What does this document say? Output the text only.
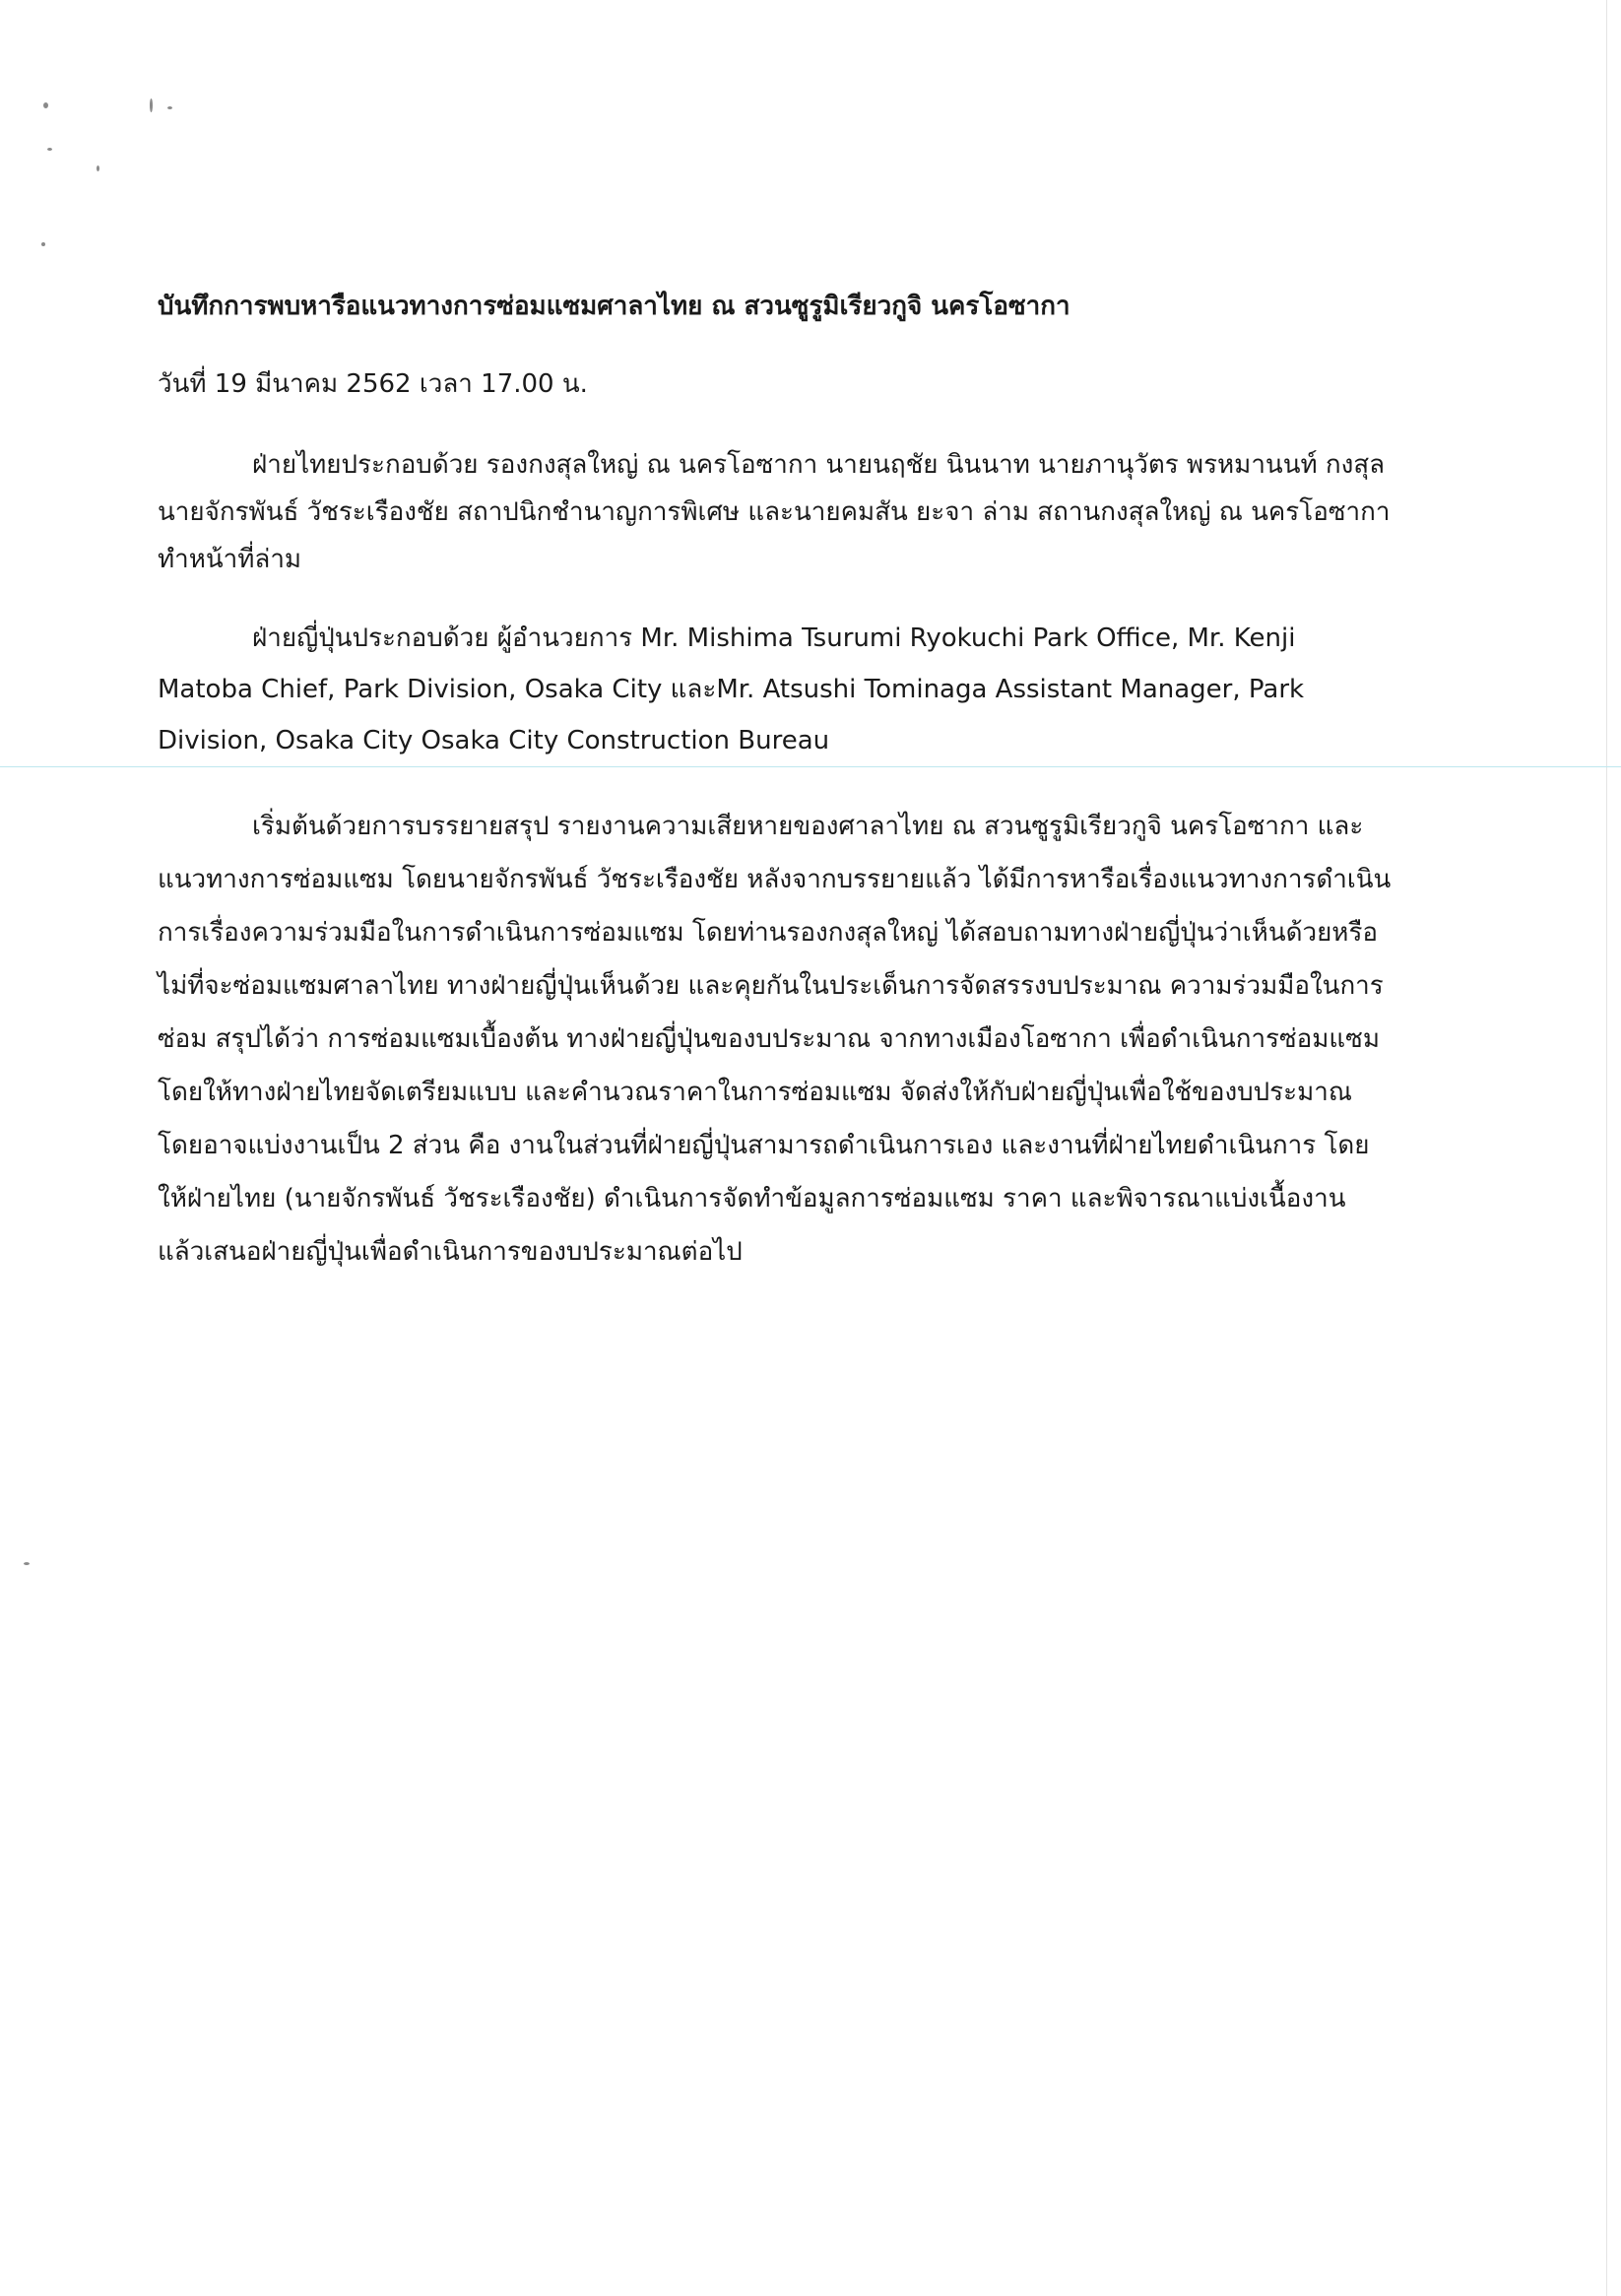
บันทึกการพบหารือแนวทางการซ่อมแซมศาลาไทย ณ สวนซูรูมิเรียวกูจิ นครโอซากา
วันที่ 19 มีนาคม 2562 เวลา 17.00 น.

ฝ่ายไทยประกอบด้วย รองกงสุลใหญ่ ณ นครโอซากา นายนฤชัย นินนาท นายภานุวัตร พรหมานนท์ กงสุล นายจักรพันธ์ วัชระเรืองชัย สถาปนิกชำนาญการพิเศษ และนายคมสัน ยะจา ล่าม สถานกงสุลใหญ่ ณ นครโอซากา ทำหน้าที่ล่าม

ฝ่ายญี่ปุ่นประกอบด้วย ผู้อำนวยการ Mr. Mishima Tsurumi Ryokuchi Park Office, Mr. Kenji Matoba Chief, Park Division, Osaka City และMr. Atsushi Tominaga Assistant Manager, Park Division, Osaka City Osaka City Construction Bureau

เริ่มต้นด้วยการบรรยายสรุป รายงานความเสียหายของศาลาไทย ณ สวนซูรูมิเรียวกูจิ นครโอซากา และแนวทางการซ่อมแซม โดยนายจักรพันธ์ วัชระเรืองชัย หลังจากบรรยายแล้ว ได้มีการหารือเรื่องแนวทางการดำเนินการเรื่องความร่วมมือในการดำเนินการซ่อมแซม โดยท่านรองกงสุลใหญ่ ได้สอบถามทางฝ่ายญี่ปุ่นว่าเห็นด้วยหรือไม่ที่จะซ่อมแซมศาลาไทย ทางฝ่ายญี่ปุ่นเห็นด้วย และคุยกันในประเด็นการจัดสรรงบประมาณ ความร่วมมือในการซ่อม สรุปได้ว่า การซ่อมแซมเบื้องต้น ทางฝ่ายญี่ปุ่นของบประมาณ จากทางเมืองโอซากา เพื่อดำเนินการซ่อมแซม โดยให้ทางฝ่ายไทยจัดเตรียมแบบ และคำนวณราคาในการซ่อมแซม จัดส่งให้กับฝ่ายญี่ปุ่นเพื่อใช้ของบประมาณ โดยอาจแบ่งงานเป็น 2 ส่วน คือ งานในส่วนที่ฝ่ายญี่ปุ่นสามารถดำเนินการเอง และงานที่ฝ่ายไทยดำเนินการ โดยให้ฝ่ายไทย (นายจักรพันธ์ วัชระเรืองชัย) ดำเนินการจัดทำข้อมูลการซ่อมแซม ราคา และพิจารณาแบ่งเนื้องาน แล้วเสนอฝ่ายญี่ปุ่นเพื่อดำเนินการของบประมาณต่อไป
